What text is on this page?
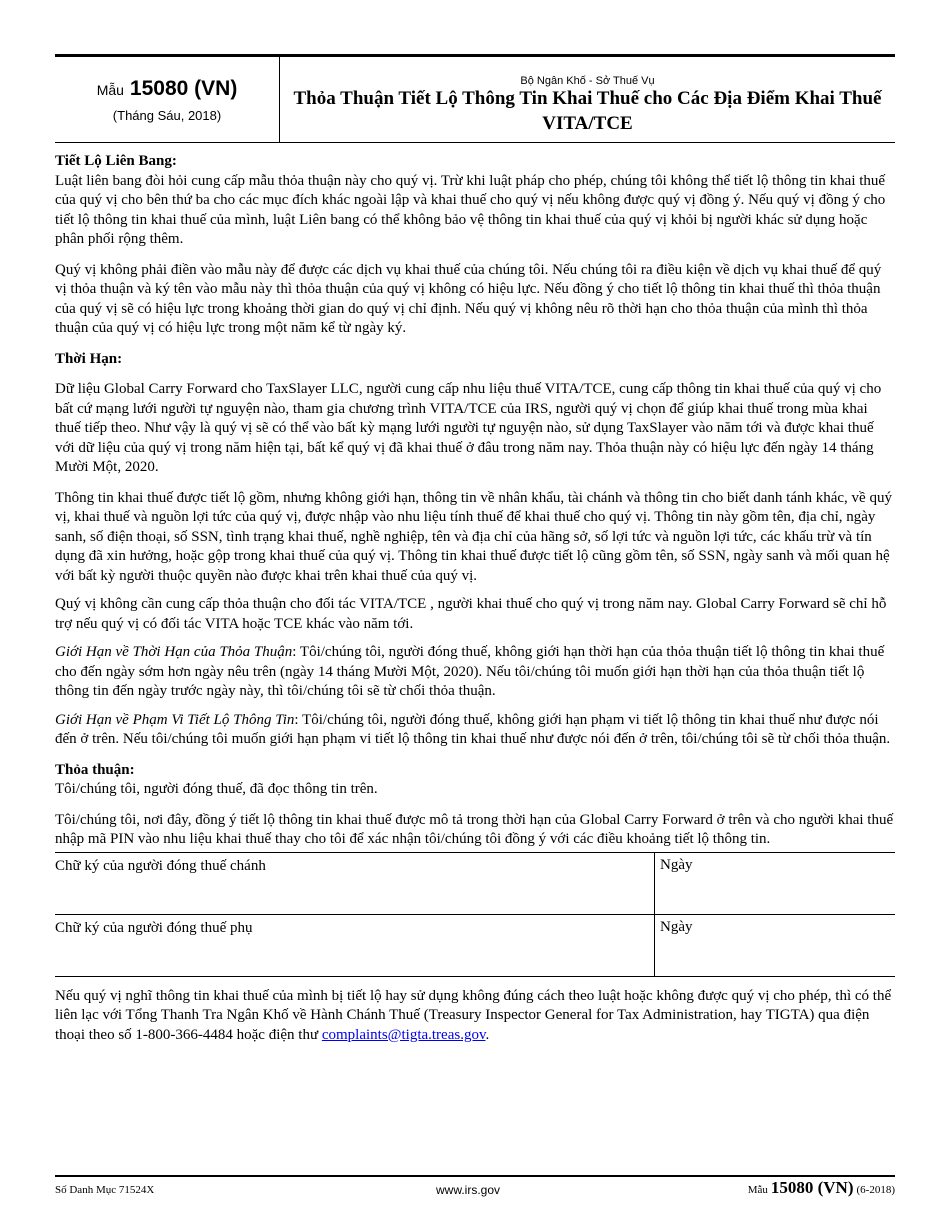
Mẫu 15080 (VN)
(Tháng Sáu, 2018)
Bộ Ngân Khố - Sở Thuế Vụ
Thỏa Thuận Tiết Lộ Thông Tin Khai Thuế cho Các Địa Điểm Khai Thuế VITA/TCE

Tiết Lộ Liên Bang:

Luật liên bang đòi hỏi cung cấp mẫu thỏa thuận này cho quý vị. Trừ khi luật pháp cho phép, chúng tôi không thể tiết lộ thông tin khai thuế của quý vị cho bên thứ ba cho các mục đích khác ngoài lập và khai thuế cho quý vị nếu không được quý vị đồng ý. Nếu quý vị đồng ý cho tiết lộ thông tin khai thuế của mình, luật Liên bang có thể không bảo vệ thông tin khai thuế của quý vị khỏi bị người khác sử dụng hoặc phân phối rộng thêm.

Quý vị không phải điền vào mẫu này để được các dịch vụ khai thuế của chúng tôi. Nếu chúng tôi ra điều kiện về dịch vụ khai thuế để quý vị thỏa thuận và ký tên vào mẫu này thì thỏa thuận của quý vị không có hiệu lực. Nếu đồng ý cho tiết lộ thông tin khai thuế thì thỏa thuận của quý vị sẽ có hiệu lực trong khoảng thời gian do quý vị chỉ định. Nếu quý vị không nêu rõ thời hạn cho thỏa thuận của mình thì thỏa thuận của quý vị có hiệu lực trong một năm kể từ ngày ký.

Thời Hạn:

Dữ liệu Global Carry Forward cho TaxSlayer LLC, người cung cấp nhu liệu thuế VITA/TCE, cung cấp thông tin khai thuế của quý vị cho bất cứ mạng lưới người tự nguyện nào, tham gia chương trình VITA/TCE của IRS, người quý vị chọn để giúp khai thuế trong mùa khai thuế tiếp theo. Như vậy là quý vị sẽ có thể vào bất kỳ mạng lưới người tự nguyện nào, sử dụng TaxSlayer vào năm tới và được khai thuế với dữ liệu của quý vị trong năm hiện tại, bất kể quý vị đã khai thuế ở đâu trong năm nay. Thỏa thuận này có hiệu lực đến ngày 14 tháng Mười Một, 2020.

Thông tin khai thuế được tiết lộ gồm, nhưng không giới hạn, thông tin về nhân khẩu, tài chánh và thông tin cho biết danh tánh khác, về quý vị, khai thuế và nguồn lợi tức của quý vị, được nhập vào nhu liệu tính thuế để khai thuế cho quý vị. Thông tin này gồm tên, địa chỉ, ngày sanh, số điện thoại, số SSN, tình trạng khai thuế, nghề nghiệp, tên và địa chỉ của hãng sở, số lợi tức và nguồn lợi tức, các khấu trừ và tín dụng đã xin hưởng, hoặc gộp trong khai thuế của quý vị. Thông tin khai thuế được tiết lộ cũng gồm tên, số SSN, ngày sanh và mối quan hệ với bất kỳ người thuộc quyền nào được khai trên khai thuế của quý vị.

Quý vị không cần cung cấp thỏa thuận cho đối tác VITA/TCE , người khai thuế cho quý vị trong năm nay. Global Carry Forward sẽ chỉ hỗ trợ nếu quý vị có đối tác VITA hoặc TCE khác vào năm tới.

Giới Hạn về Thời Hạn của Thỏa Thuận: Tôi/chúng tôi, người đóng thuế, không giới hạn thời hạn của thỏa thuận tiết lộ thông tin khai thuế cho đến ngày sớm hơn ngày nêu trên (ngày 14 tháng Mười Một, 2020). Nếu tôi/chúng tôi muốn giới hạn thời hạn của thỏa thuận tiết lộ thông tin đến ngày trước ngày này, thì tôi/chúng tôi sẽ từ chối thỏa thuận.

Giới Hạn về Phạm Vi Tiết Lộ Thông Tin: Tôi/chúng tôi, người đóng thuế, không giới hạn phạm vi tiết lộ thông tin khai thuế như được nói đến ở trên. Nếu tôi/chúng tôi muốn giới hạn phạm vi tiết lộ thông tin khai thuế như được nói đến ở trên, tôi/chúng tôi sẽ từ chối thỏa thuận.

Thỏa thuận:

Tôi/chúng tôi, người đóng thuế, đã đọc thông tin trên.

Tôi/chúng tôi, nơi đây, đồng ý tiết lộ thông tin khai thuế được mô tả trong thời hạn của Global Carry Forward ở trên và cho người khai thuế nhập mã PIN vào nhu liệu khai thuế thay cho tôi để xác nhận tôi/chúng tôi đồng ý với các điều khoảng tiết lộ thông tin.

Chữ ký của người đóng thuế chánh	Ngày
Chữ ký của người đóng thuế phụ	Ngày

Nếu quý vị nghĩ thông tin khai thuế của mình bị tiết lộ hay sử dụng không đúng cách theo luật hoặc không được quý vị cho phép, thì có thể liên lạc với Tổng Thanh Tra Ngân Khố về Hành Chánh Thuế (Treasury Inspector General for Tax Administration, hay TIGTA) qua điện thoại theo số 1-800-366-4484 hoặc điện thư complaints@tigta.treas.gov.

Số Danh Mục 71524X	www.irs.gov	Mẫu 15080 (VN) (6-2018)
